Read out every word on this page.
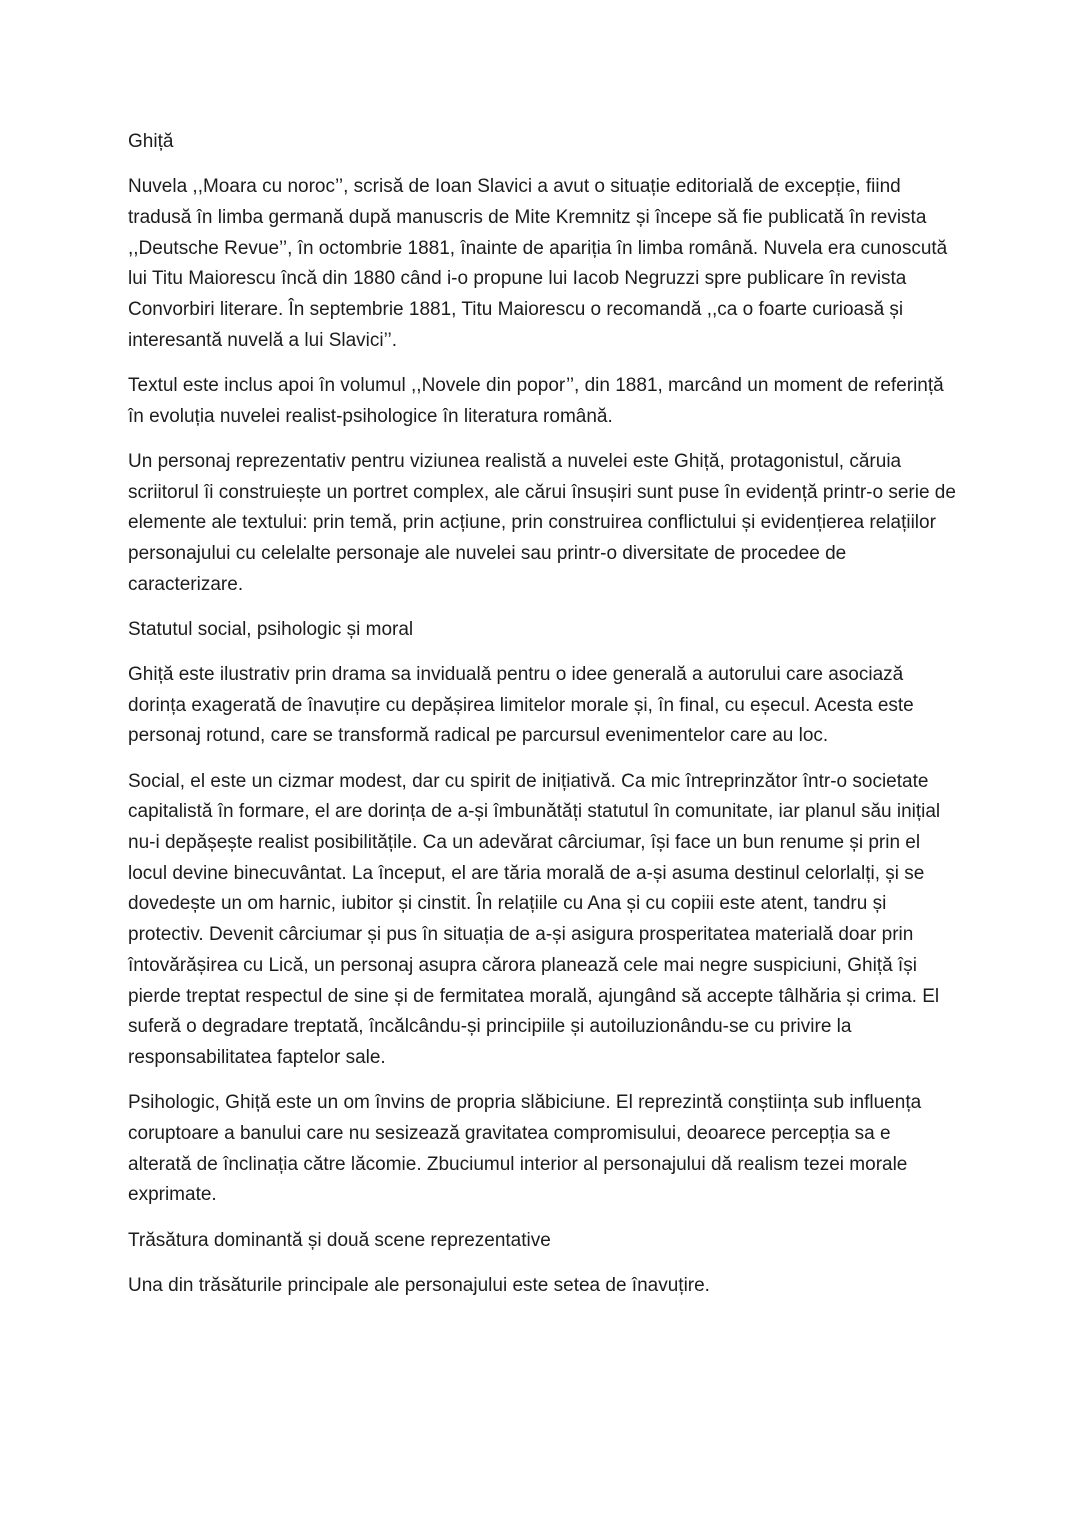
Ghiță

Nuvela ,,Moara cu noroc’’, scrisă de Ioan Slavici a avut o situație editorială de excepție, fiind tradusă în limba germană după manuscris de Mite Kremnitz și începe să fie publicată în revista ,,Deutsche Revue’’, în octombrie 1881, înainte de apariția în limba română. Nuvela era cunoscută lui Titu Maiorescu încă din 1880 când i-o propune lui Iacob Negruzzi spre publicare în revista Convorbiri literare. În septembrie 1881, Titu Maiorescu o recomandă ,,ca o foarte curioasă și interesantă nuvelă a lui Slavici’’.

Textul este inclus apoi în volumul ,,Novele din popor’’, din 1881, marcând un moment de referință în evoluția nuvelei realist-psihologice în literatura română.

Un personaj reprezentativ pentru viziunea realistă a nuvelei este Ghiță, protagonistul, căruia scriitorul îi construiește un portret complex, ale cărui însușiri sunt puse în evidență printr-o serie de elemente ale textului: prin temă, prin acțiune, prin construirea conflictului și evidențierea relațiilor personajului cu celelalte personaje ale nuvelei sau printr-o diversitate de procedee de caracterizare.

Statutul social, psihologic și moral

Ghiță este ilustrativ prin drama sa invidualǎ pentru o idee generală a autorului care asociază dorința exagerată de înavuțire cu depășirea limitelor morale și, în final, cu eșecul. Acesta este personaj rotund, care se transformă radical pe parcursul evenimentelor care au loc.

Social, el este un cizmar modest, dar cu spirit de inițiativă. Ca mic întreprinzător într-o societate capitalistă în formare, el are dorința de a-și îmbunătăți statutul în comunitate, iar planul său inițial nu-i depășește realist posibilitățile. Ca un adevărat cârciumar, își face un bun renume și prin el locul devine binecuvântat. La început, el are tăria morală de a-și asuma destinul celorlalți, și se dovedește un om harnic, iubitor și cinstit. În relațiile cu Ana și cu copiii este atent, tandru și protectiv. Devenit cârciumar și pus în situația de a-și asigura prosperitatea materială doar prin întovărășirea cu Lică, un personaj asupra cărora planează cele mai negre suspiciuni, Ghiță își pierde treptat respectul de sine și de fermitatea morală, ajungând să accepte tâlhăria și crima. El suferă o degradare treptată, încălcându-și principiile și autoiluzionându-se cu privire la responsabilitatea faptelor sale.

Psihologic, Ghiță este un om învins de propria slăbiciune. El reprezintă conștiința sub influența coruptoare a banului care nu sesizează gravitatea compromisului, deoarece percepția sa e alterată de înclinația către lăcomie. Zbuciumul interior al personajului dă realism tezei morale exprimate.

Trăsătura dominantă și două scene reprezentative

Una din trăsăturile principale ale personajului este setea de înavuțire.
